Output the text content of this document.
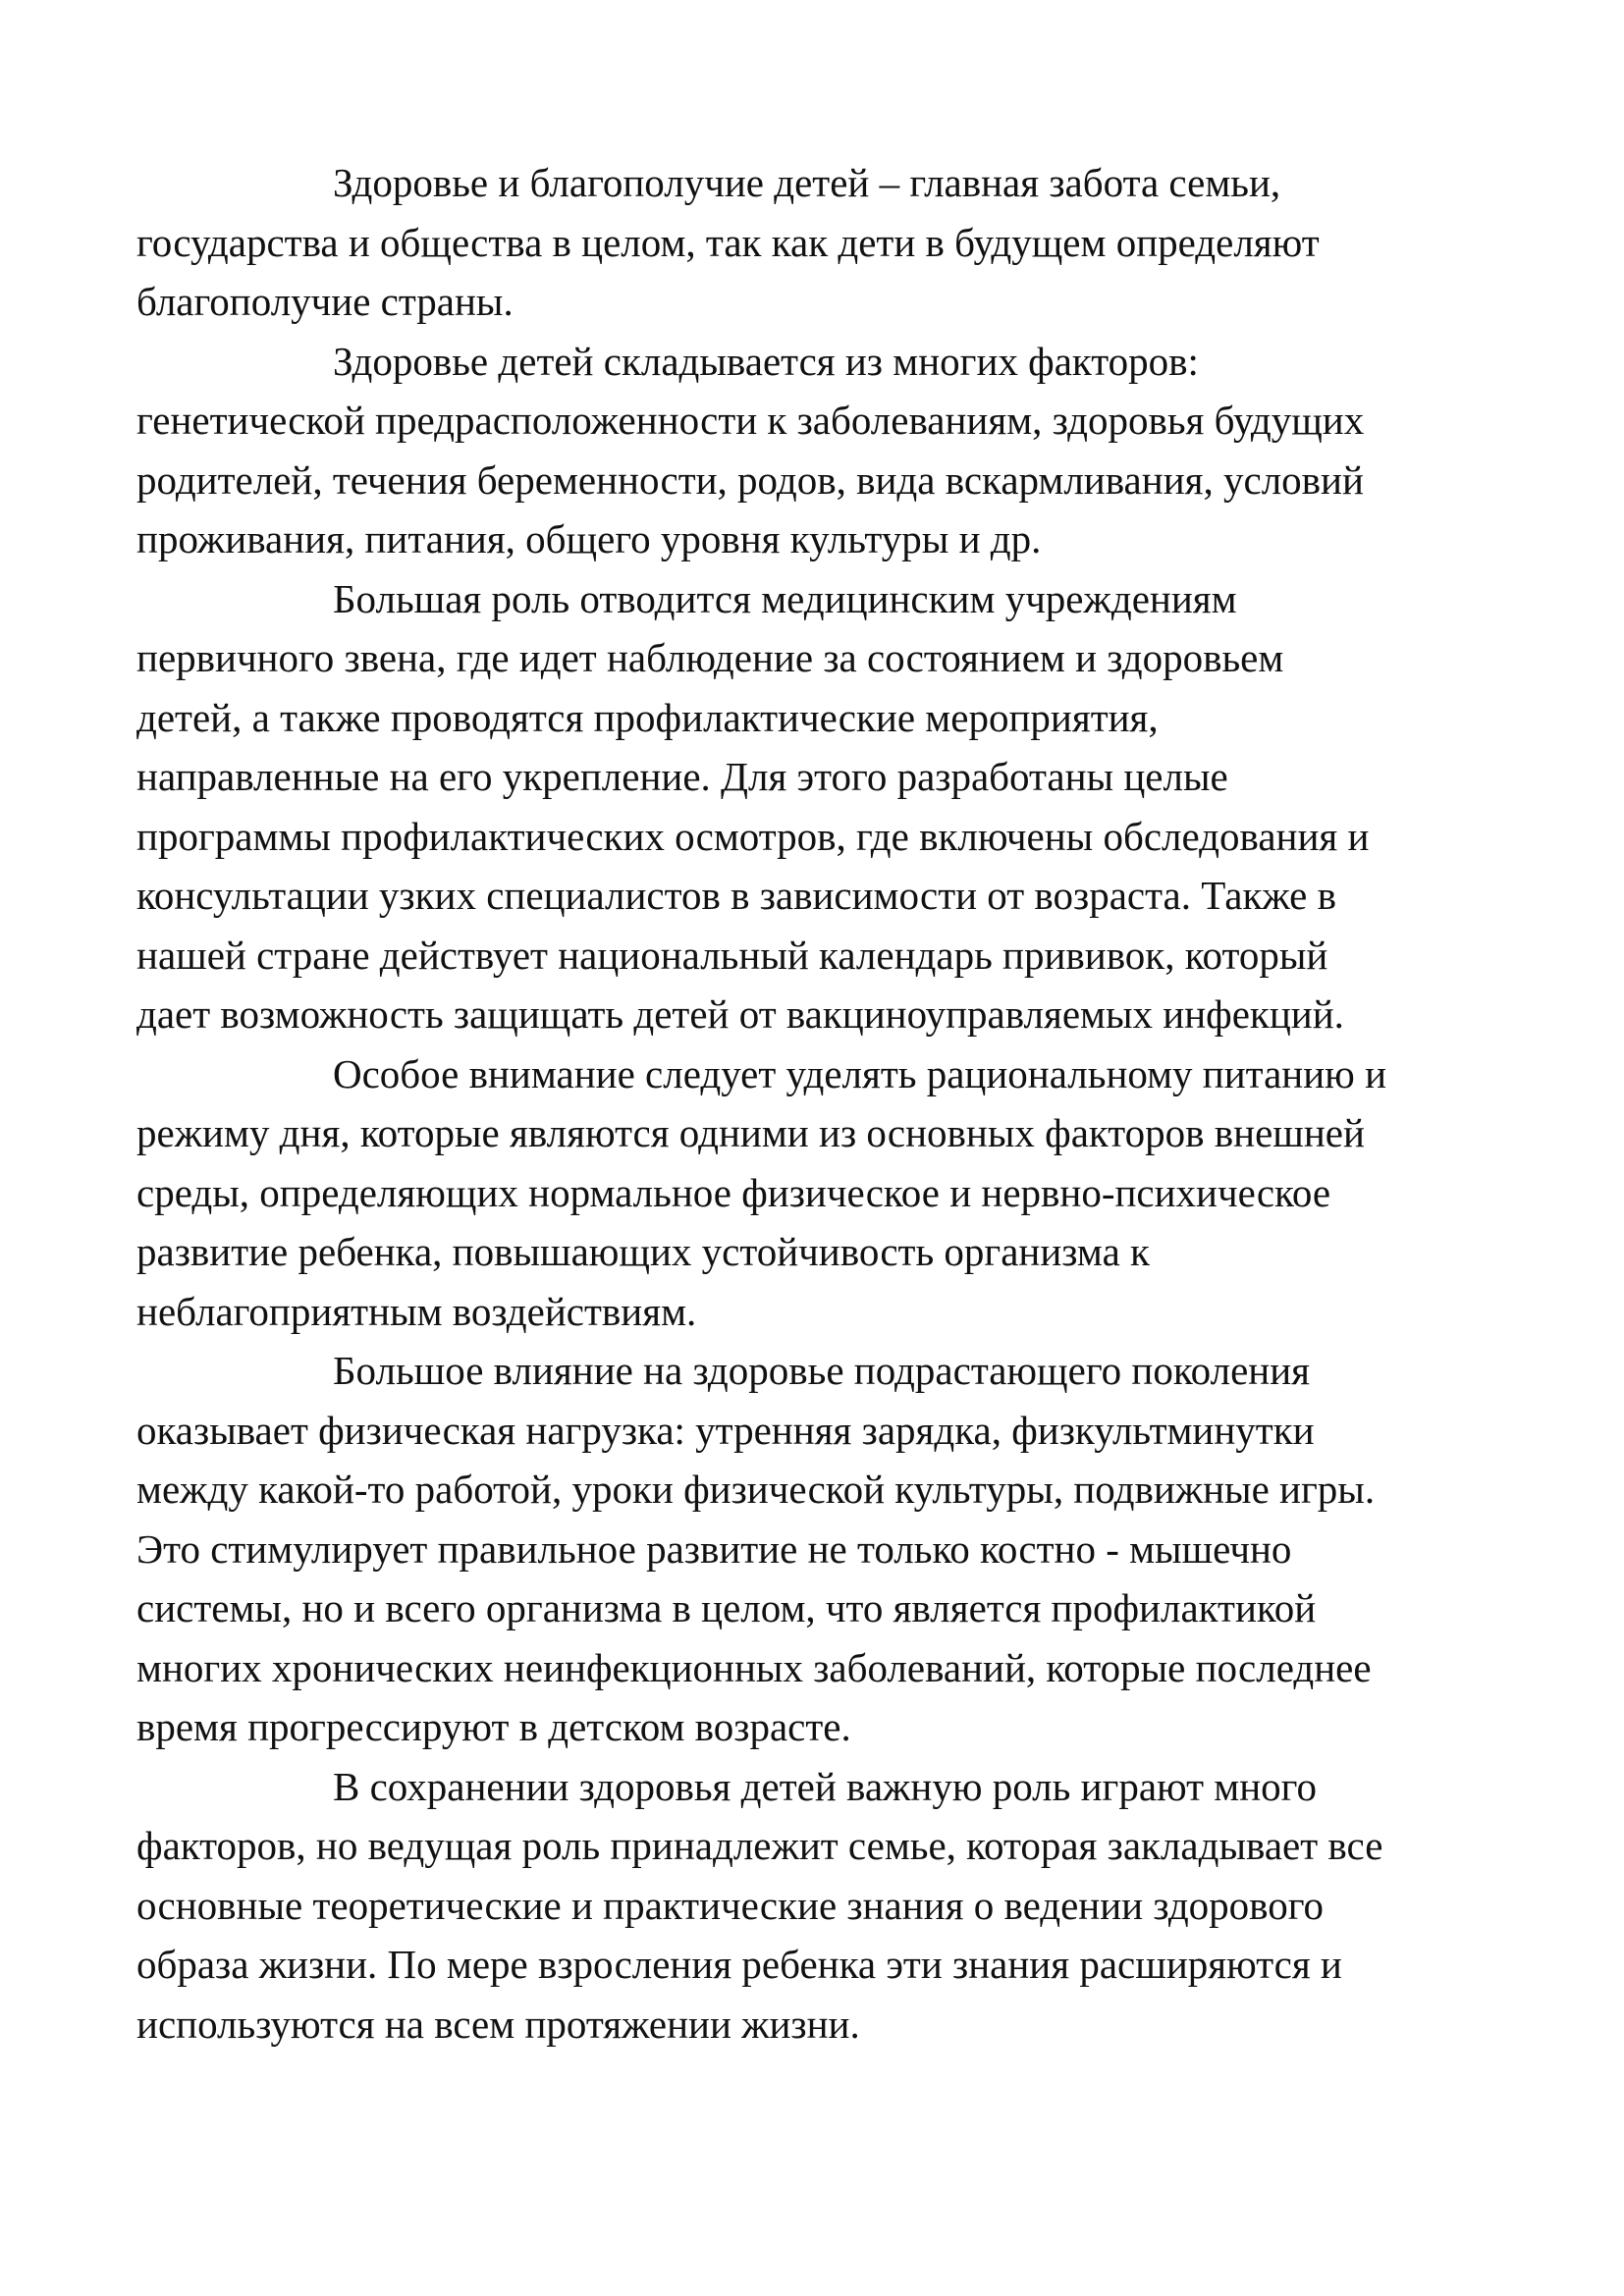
Здоровье и благополучие детей – главная забота семьи,
государства и общества в целом, так как дети в будущем определяют
благополучие страны.
Здоровье детей складывается из многих факторов:
генетической предрасположенности к заболеваниям, здоровья будущих
родителей, течения беременности, родов, вида вскармливания, условий
проживания, питания, общего уровня культуры и др.
Большая роль отводится медицинским учреждениям
первичного звена, где идет наблюдение за состоянием и здоровьем
детей, а также проводятся профилактические мероприятия,
направленные на его укрепление. Для этого разработаны целые
программы профилактических осмотров, где включены обследования и
консультации узких специалистов в зависимости от возраста. Также в
нашей стране действует национальный календарь прививок, который
дает возможность защищать детей от вакциноуправляемых инфекций.
Особое внимание следует уделять рациональному питанию и
режиму дня, которые являются одними из основных факторов внешней
среды, определяющих нормальное физическое и нервно-психическое
развитие ребенка, повышающих устойчивость организма к
неблагоприятным воздействиям.
Большое влияние на здоровье подрастающего поколения
оказывает физическая нагрузка: утренняя зарядка, физкультминутки
между какой-то работой, уроки физической культуры, подвижные игры.
Это стимулирует правильное развитие не только костно - мышечно
системы, но и всего организма в целом, что является профилактикой
многих хронических неинфекционных заболеваний, которые последнее
время прогрессируют в детском возрасте.
В сохранении здоровья детей важную роль играют много
факторов, но ведущая роль принадлежит семье, которая закладывает все
основные теоретические и практические знания о ведении здорового
образа жизни. По мере взросления ребенка эти знания расширяются и
используются на всем протяжении жизни.
